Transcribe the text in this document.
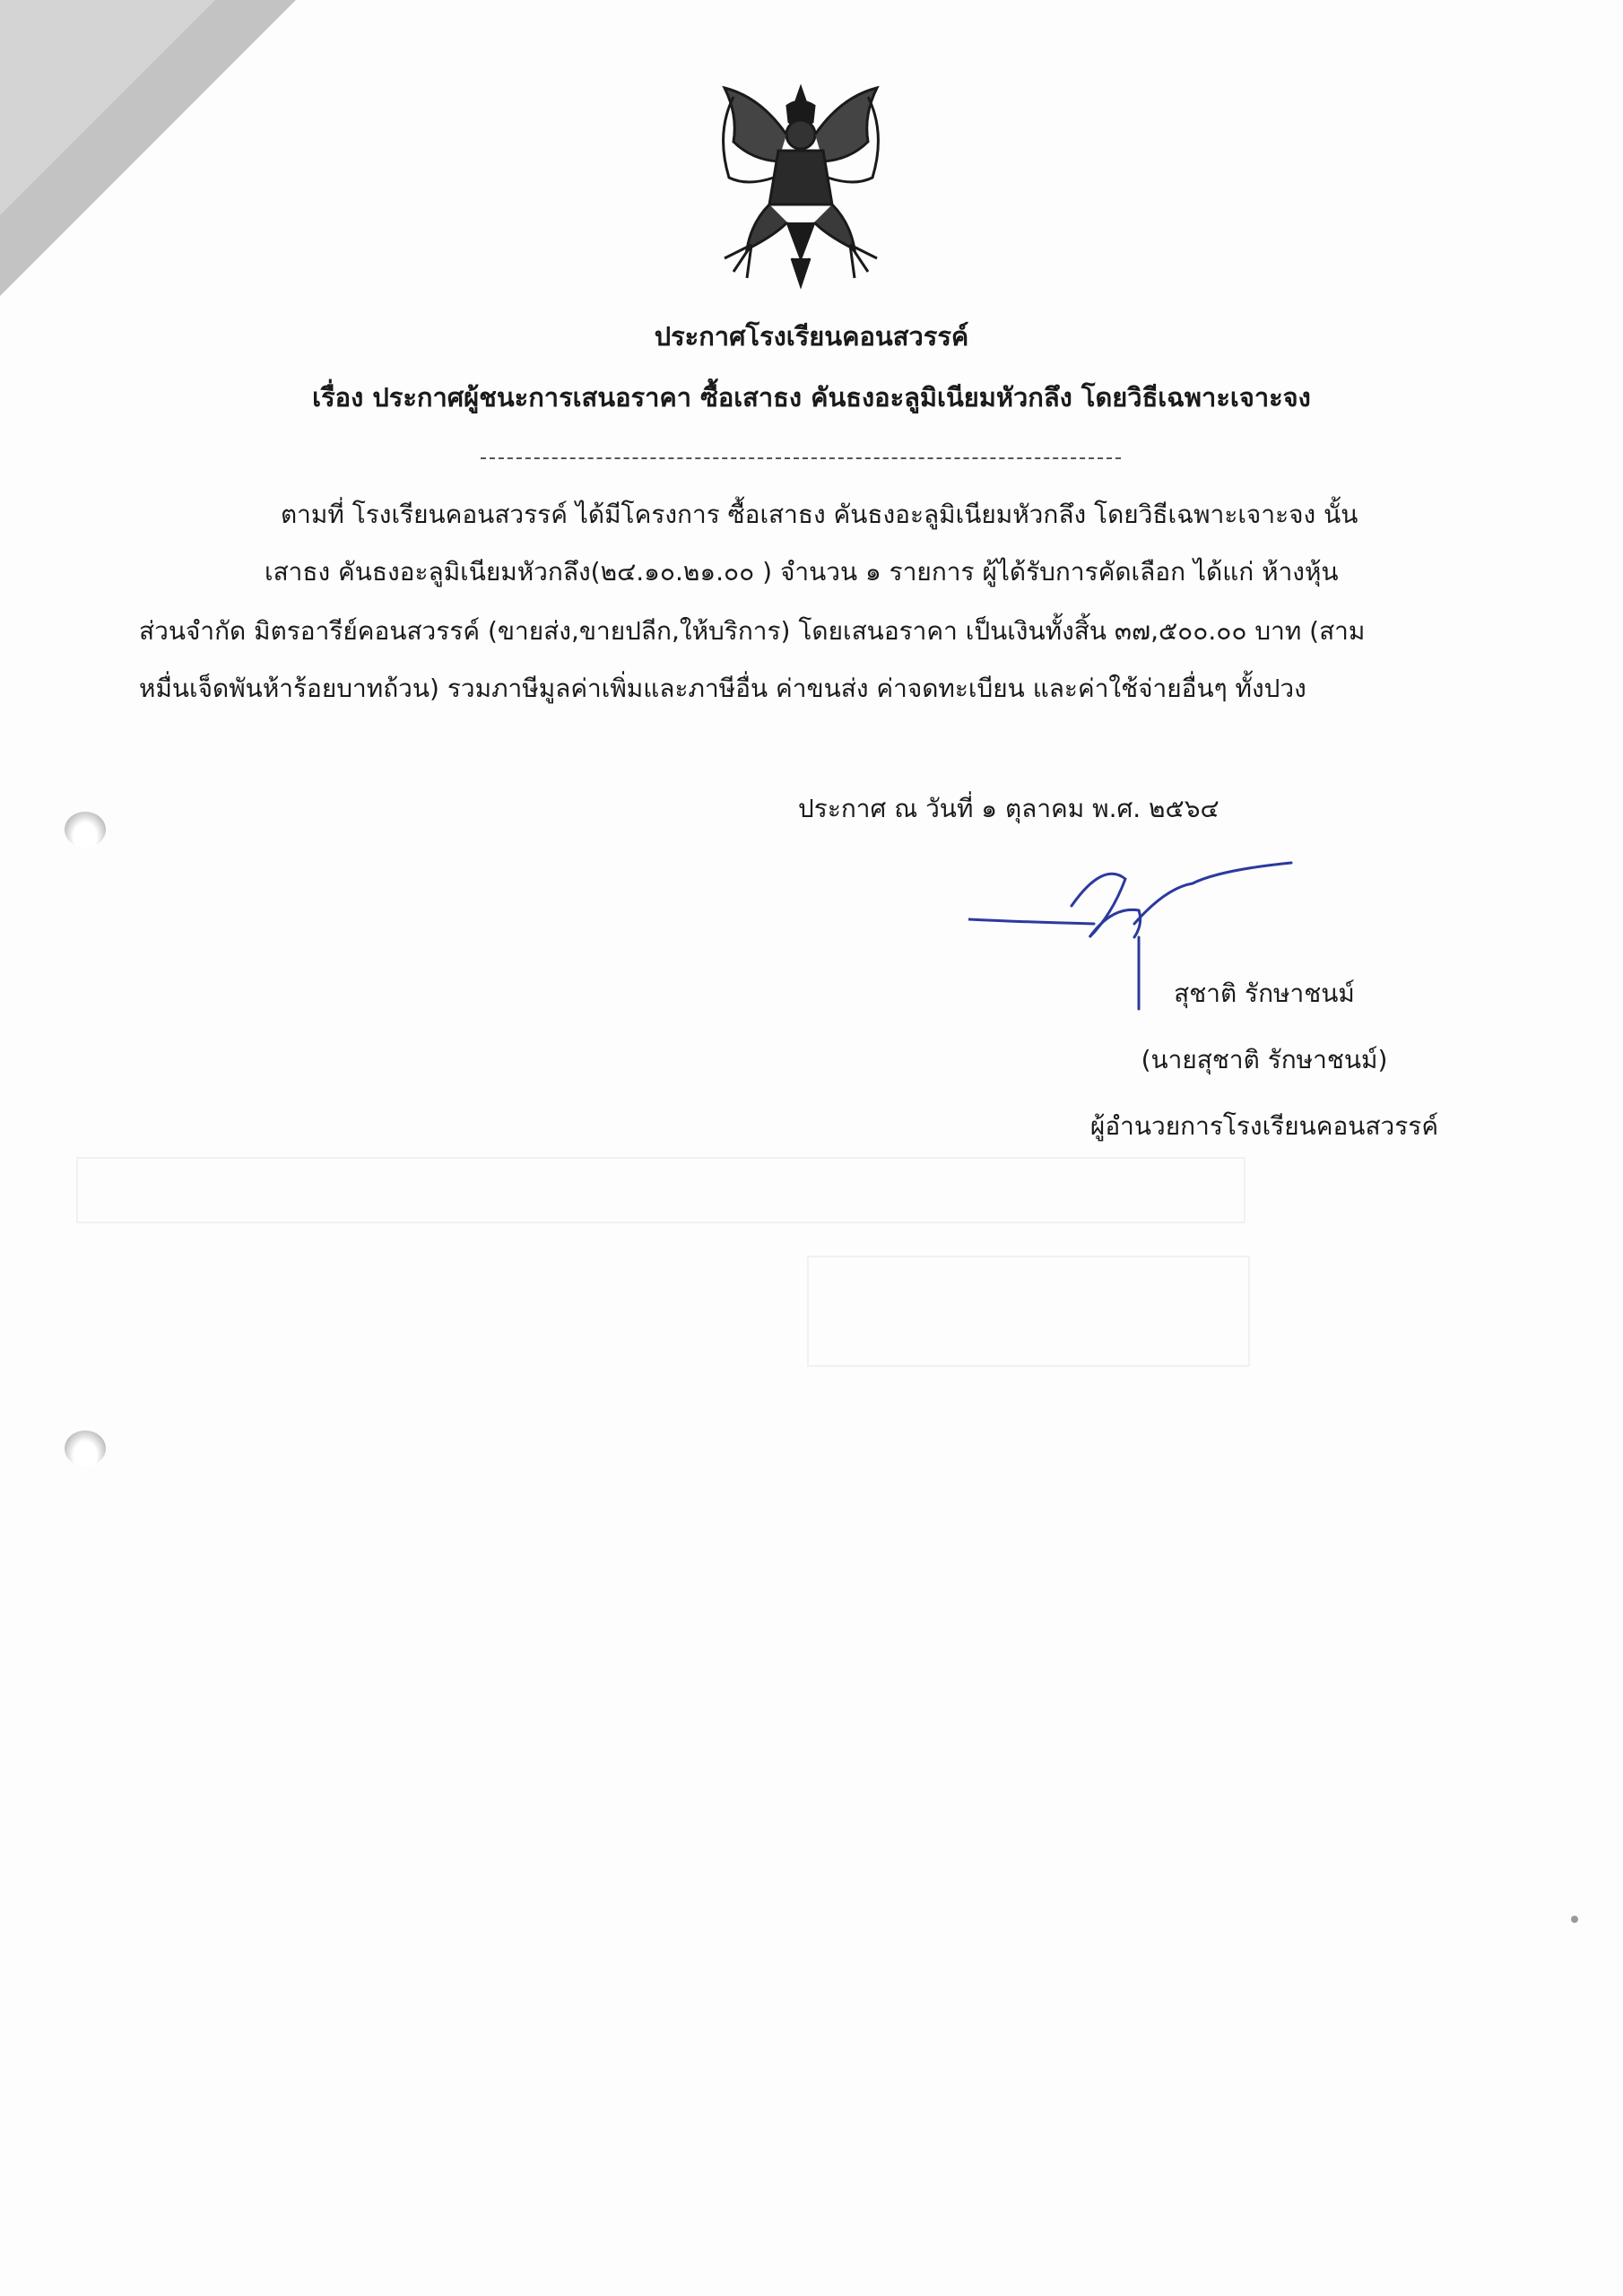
ประกาศโรงเรียนคอนสวรรค์
เรื่อง ประกาศผู้ชนะการเสนอราคา ซื้อเสาธง คันธงอะลูมิเนียมหัวกลึง โดยวิธีเฉพาะเจาะจง
ตามที่ โรงเรียนคอนสวรรค์ ได้มีโครงการ ซื้อเสาธง คันธงอะลูมิเนียมหัวกลึง โดยวิธีเฉพาะเจาะจง นั้น
เสาธง คันธงอะลูมิเนียมหัวกลึง(๒๔.๑๐.๒๑.๐๐ ) จำนวน ๑ รายการ ผู้ได้รับการคัดเลือก ได้แก่ ห้างหุ้น
ส่วนจำกัด มิตรอารีย์คอนสวรรค์ (ขายส่ง,ขายปลีก,ให้บริการ) โดยเสนอราคา เป็นเงินทั้งสิ้น ๓๗,๕๐๐.๐๐ บาท (สาม
หมื่นเจ็ดพันห้าร้อยบาทถ้วน) รวมภาษีมูลค่าเพิ่มและภาษีอื่น ค่าขนส่ง ค่าจดทะเบียน และค่าใช้จ่ายอื่นๆ ทั้งปวง
ประกาศ ณ วันที่ ๑ ตุลาคม พ.ศ. ๒๕๖๔
สุชาติ รักษาชนม์
(นายสุชาติ รักษาชนม์)
ผู้อำนวยการโรงเรียนคอนสวรรค์
